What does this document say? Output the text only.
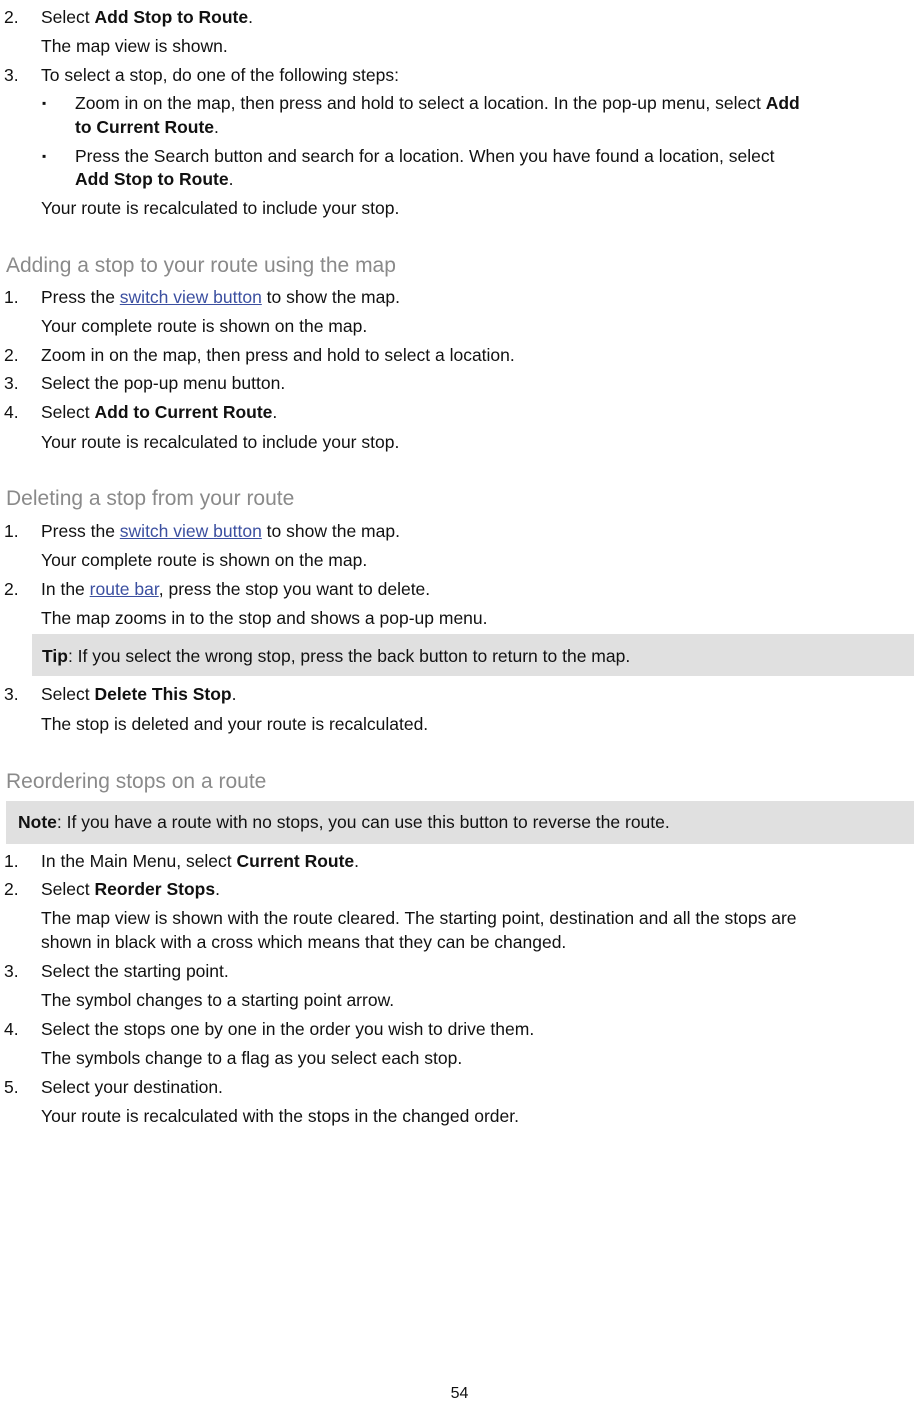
2.	Select Add Stop to Route.
The map view is shown.
3.	To select a stop, do one of the following steps:
▪ Zoom in on the map, then press and hold to select a location. In the pop-up menu, select Add
to Current Route.
▪ Press the Search button and search for a location. When you have found a location, select
Add Stop to Route.
Your route is recalculated to include your stop.
Adding a stop to your route using the map
1.	Press the switch view button to show the map.
Your complete route is shown on the map.
2.	Zoom in on the map, then press and hold to select a location.
3.	Select the pop-up menu button.
4.	Select Add to Current Route.
Your route is recalculated to include your stop.
Deleting a stop from your route
1.	Press the switch view button to show the map.
Your complete route is shown on the map.
2.	In the route bar, press the stop you want to delete.
The map zooms in to the stop and shows a pop-up menu.
Tip: If you select the wrong stop, press the back button to return to the map.
3.	Select Delete This Stop.
The stop is deleted and your route is recalculated.
Reordering stops on a route
Note: If you have a route with no stops, you can use this button to reverse the route.
1.	In the Main Menu, select Current Route.
2.	Select Reorder Stops.
The map view is shown with the route cleared. The starting point, destination and all the stops are
shown in black with a cross which means that they can be changed.
3.	Select the starting point.
The symbol changes to a starting point arrow.
4.	Select the stops one by one in the order you wish to drive them.
The symbols change to a flag as you select each stop.
5.	Select your destination.
Your route is recalculated with the stops in the changed order.
54
